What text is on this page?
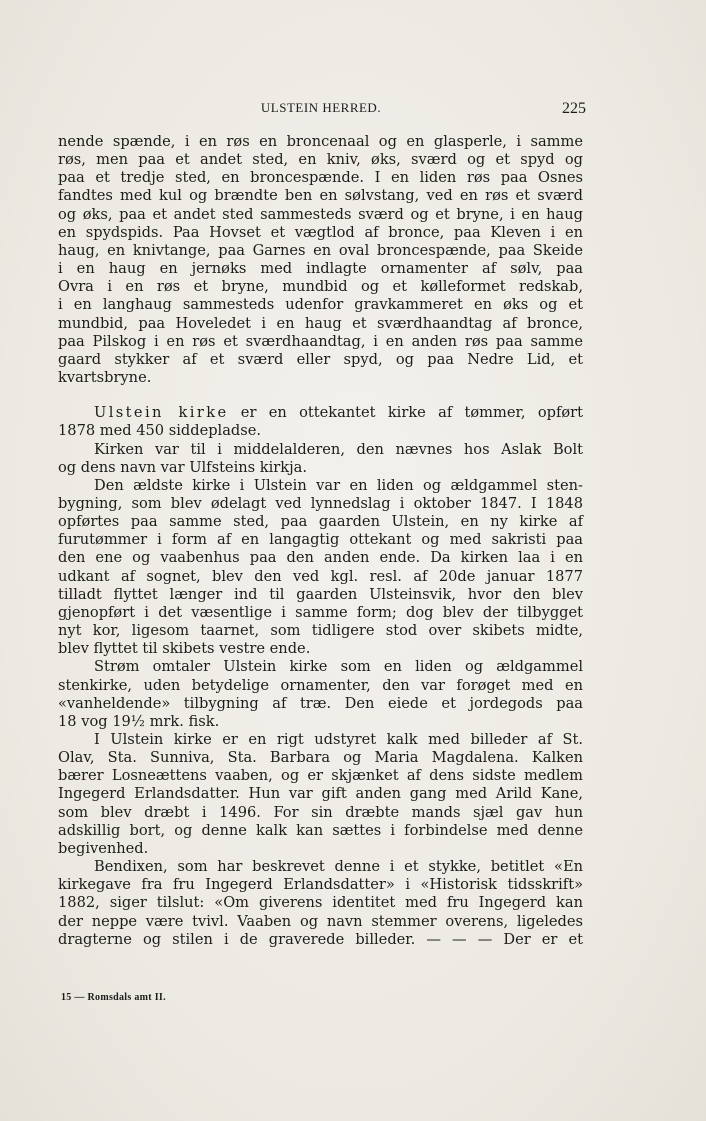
ULSTEIN HERRED.	225

nende spænde, i en røs en broncenaal og en glasperle, i samme
røs, men paa et andet sted, en kniv, øks, sværd og et spyd og
paa et tredje sted, en broncespænde. I en liden røs paa Osnes
fandtes med kul og brændte ben en sølvstang, ved en røs et sværd
og øks, paa et andet sted sammesteds sværd og et bryne, i en haug
en spydspids. Paa Hovset et vægtlod af bronce, paa Kleven i en
haug, en knivtange, paa Garnes en oval broncespænde, paa Skeide
i en haug en jernøks med indlagte ornamenter af sølv, paa
Ovra i en røs et bryne, mundbid og et kølleformet redskab,
i en langhaug sammesteds udenfor gravkammeret en øks og et
mundbid, paa Hoveledet i en haug et sværdhaandtag af bronce,
paa Pilskog i en røs et sværdhaandtag, i en anden røs paa samme
gaard stykker af et sværd eller spyd, og paa Nedre Lid, et
kvartsbryne.

Ulstein kirke er en ottekantet kirke af tømmer, opført
1878 med 450 siddepladse.

Kirken var til i middelalderen, den nævnes hos Aslak Bolt
og dens navn var Ulfsteins kirkja.

Den ældste kirke i Ulstein var en liden og ældgammel sten-
bygning, som blev ødelagt ved lynnedslag i oktober 1847. I 1848
opførtes paa samme sted, paa gaarden Ulstein, en ny kirke af
furutømmer i form af en langagtig ottekant og med sakristi paa
den ene og vaabenhus paa den anden ende. Da kirken laa i en
udkant af sognet, blev den ved kgl. resl. af 20de januar 1877
tilladt flyttet længer ind til gaarden Ulsteinsvik, hvor den blev
gjenopført i det væsentlige i samme form; dog blev der tilbygget
nyt kor, ligesom taarnet, som tidligere stod over skibets midte,
blev flyttet til skibets vestre ende.

Strøm omtaler Ulstein kirke som en liden og ældgammel
stenkirke, uden betydelige ornamenter, den var forøget med en
«vanheldende» tilbygning af træ. Den eiede et jordegods paa
18 vog 19½ mrk. fisk.

I Ulstein kirke er en rigt udstyret kalk med billeder af St.
Olav, Sta. Sunniva, Sta. Barbara og Maria Magdalena. Kalken
bærer Losneættens vaaben, og er skjænket af dens sidste medlem
Ingegerd Erlandsdatter. Hun var gift anden gang med Arild Kane,
som blev dræbt i 1496. For sin dræbte mands sjæl gav hun
adskillig bort, og denne kalk kan sættes i forbindelse med denne
begivenhed.

Bendixen, som har beskrevet denne i et stykke, betitlet «En
kirkegave fra fru Ingegerd Erlandsdatter» i «Historisk tidsskrift»
1882, siger tilslut: «Om giverens identitet med fru Ingegerd kan
der neppe være tvivl. Vaaben og navn stemmer overens, ligeledes
dragterne og stilen i de graverede billeder. — — — Der er et

15 — Romsdals amt II.
